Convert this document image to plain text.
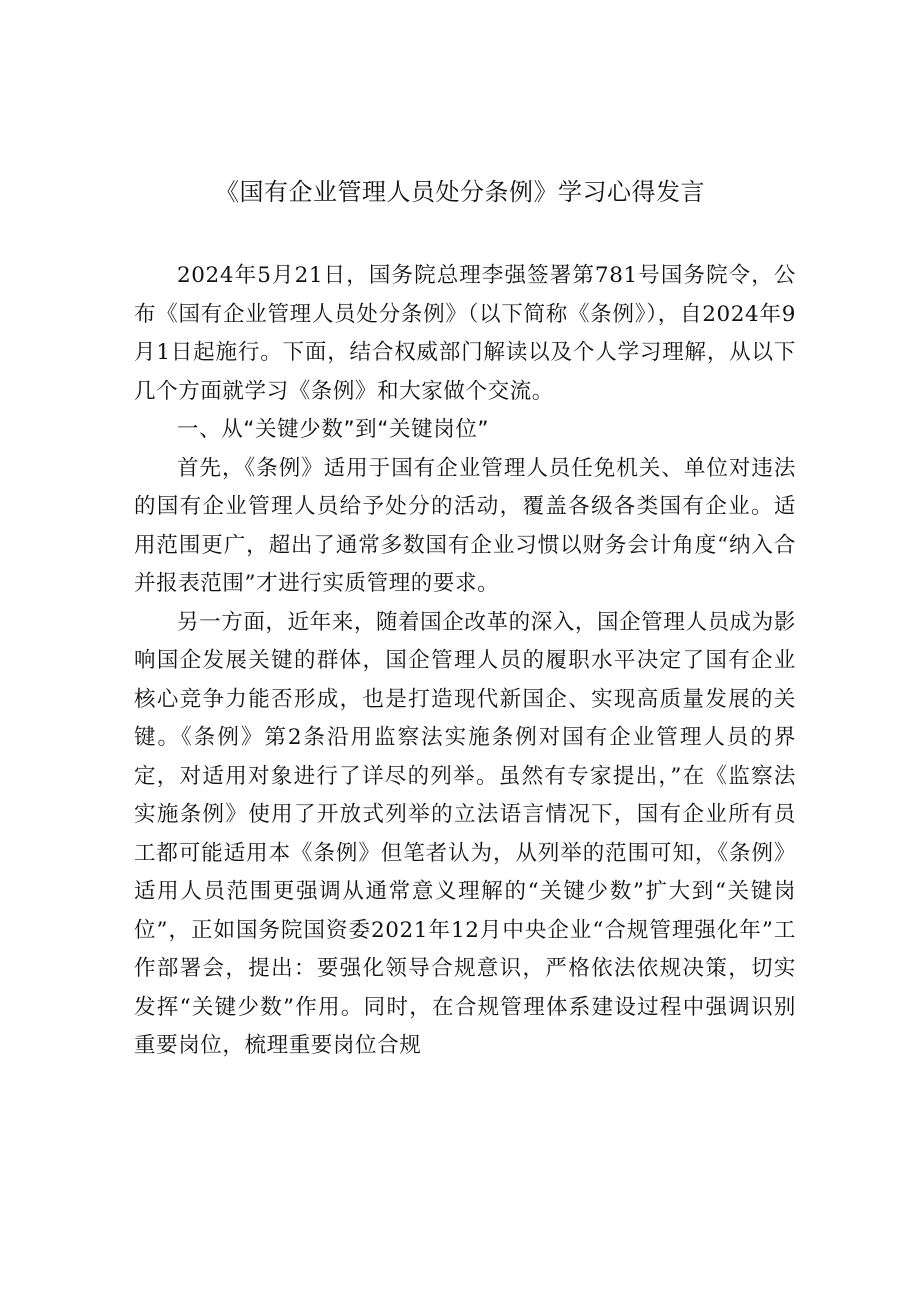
《国有企业管理人员处分条例》学习心得发言

2024年5月21日，国务院总理李强签署第781号国务院令，公布《国有企业管理人员处分条例》（以下简称《条例》），自2024年9月1日起施行。下面，结合权威部门解读以及个人学习理解，从以下几个方面就学习《条例》和大家做个交流。

一、从“关键少数”到“关键岗位”

首先，《条例》适用于国有企业管理人员任免机关、单位对违法的国有企业管理人员给予处分的活动，覆盖各级各类国有企业。适用范围更广，超出了通常多数国有企业习惯以财务会计角度“纳入合并报表范围”才进行实质管理的要求。

另一方面，近年来，随着国企改革的深入，国企管理人员成为影响国企发展关键的群体，国企管理人员的履职水平决定了国有企业核心竞争力能否形成，也是打造现代新国企、实现高质量发展的关键。《条例》第2条沿用监察法实施条例对国有企业管理人员的界定，对适用对象进行了详尽的列举。虽然有专家提出，”在《监察法实施条例》使用了开放式列举的立法语言情况下，国有企业所有员工都可能适用本《条例》但笔者认为，从列举的范围可知，《条例》适用人员范围更强调从通常意义理解的“关键少数”扩大到“关键岗位”，正如国务院国资委2021年12月中央企业“合规管理强化年”工作部署会，提出：要强化领导合规意识，严格依法依规决策，切实发挥“关键少数”作用。同时，在合规管理体系建设过程中强调识别重要岗位，梳理重要岗位合规
